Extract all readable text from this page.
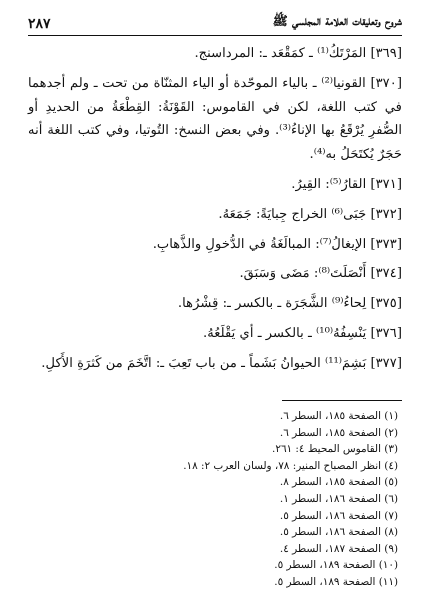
شروح وتعليقات العلامة المجلسي ﷺ
٢٨٧

[٣٦٩] المَرْتَكُ⁽¹⁾ ـ كمَقْعَد ـ: المرداسنج.

[٣٧٠] القونيا⁽²⁾ ـ بالياء الموحّدة أو الياء المثنّاة من تحت ـ ولم أجدهما في كتب اللغة، لكن في القاموس: القَوْنَةُ: القِطْعَةُ من الحديدِ أو الصُّفرِ يُرْقَعُ بها الإناءُ⁽³⁾. وفي بعض النسخ: التُوتيا، وفي كتب اللغة أنه حَجَرٌ يُكتَحَلُ به⁽⁴⁾.

[٣٧١] القارُ⁽⁵⁾: القِيرُ.

[٣٧٢] جَبَى⁽⁶⁾ الخراج جِبايَةً: جَمَعَهُ.

[٣٧٣] الإيغالُ⁽⁷⁾: المبالَغَةُ في الدُّخولِ والذَّهابِ.

[٣٧٤] أَنْصَلَتَ⁽⁸⁾: مَضَى وَسَبَقَ.

[٣٧٥] لِحاءُ⁽⁹⁾ الشَّجَرَة ـ بالكسر ـ: قِشْرُها.

[٣٧٦] يَنْسِفُهُ⁽¹⁰⁾ ـ بالكسر ـ أي يَقْلَعُهُ.

[٣٧٧] بَشِمَ⁽¹¹⁾ الحيوانُ بَشَماً ـ من باب تَعِبَ ـ: اتَّخَمَ من كَثرَةِ الأَكلِ.

(١) الصفحة ١٨٥، السطر ٦.
(٢) الصفحة ١٨٥، السطر ٦.
(٣) القاموس المحيط ٤: ٢٦١.
(٤) انظر المصباح المنير: ٧٨، ولسان العرب ٢: ١٨.
(٥) الصفحة ١٨٥، السطر ٨.
(٦) الصفحة ١٨٦، السطر ١.
(٧) الصفحة ١٨٦، السطر ٥.
(٨) الصفحة ١٨٦، السطر ٥.
(٩) الصفحة ١٨٧، السطر ٤.
(١٠) الصفحة ١٨٩، السطر ٥.
(١١) الصفحة ١٨٩، السطر ٥.
